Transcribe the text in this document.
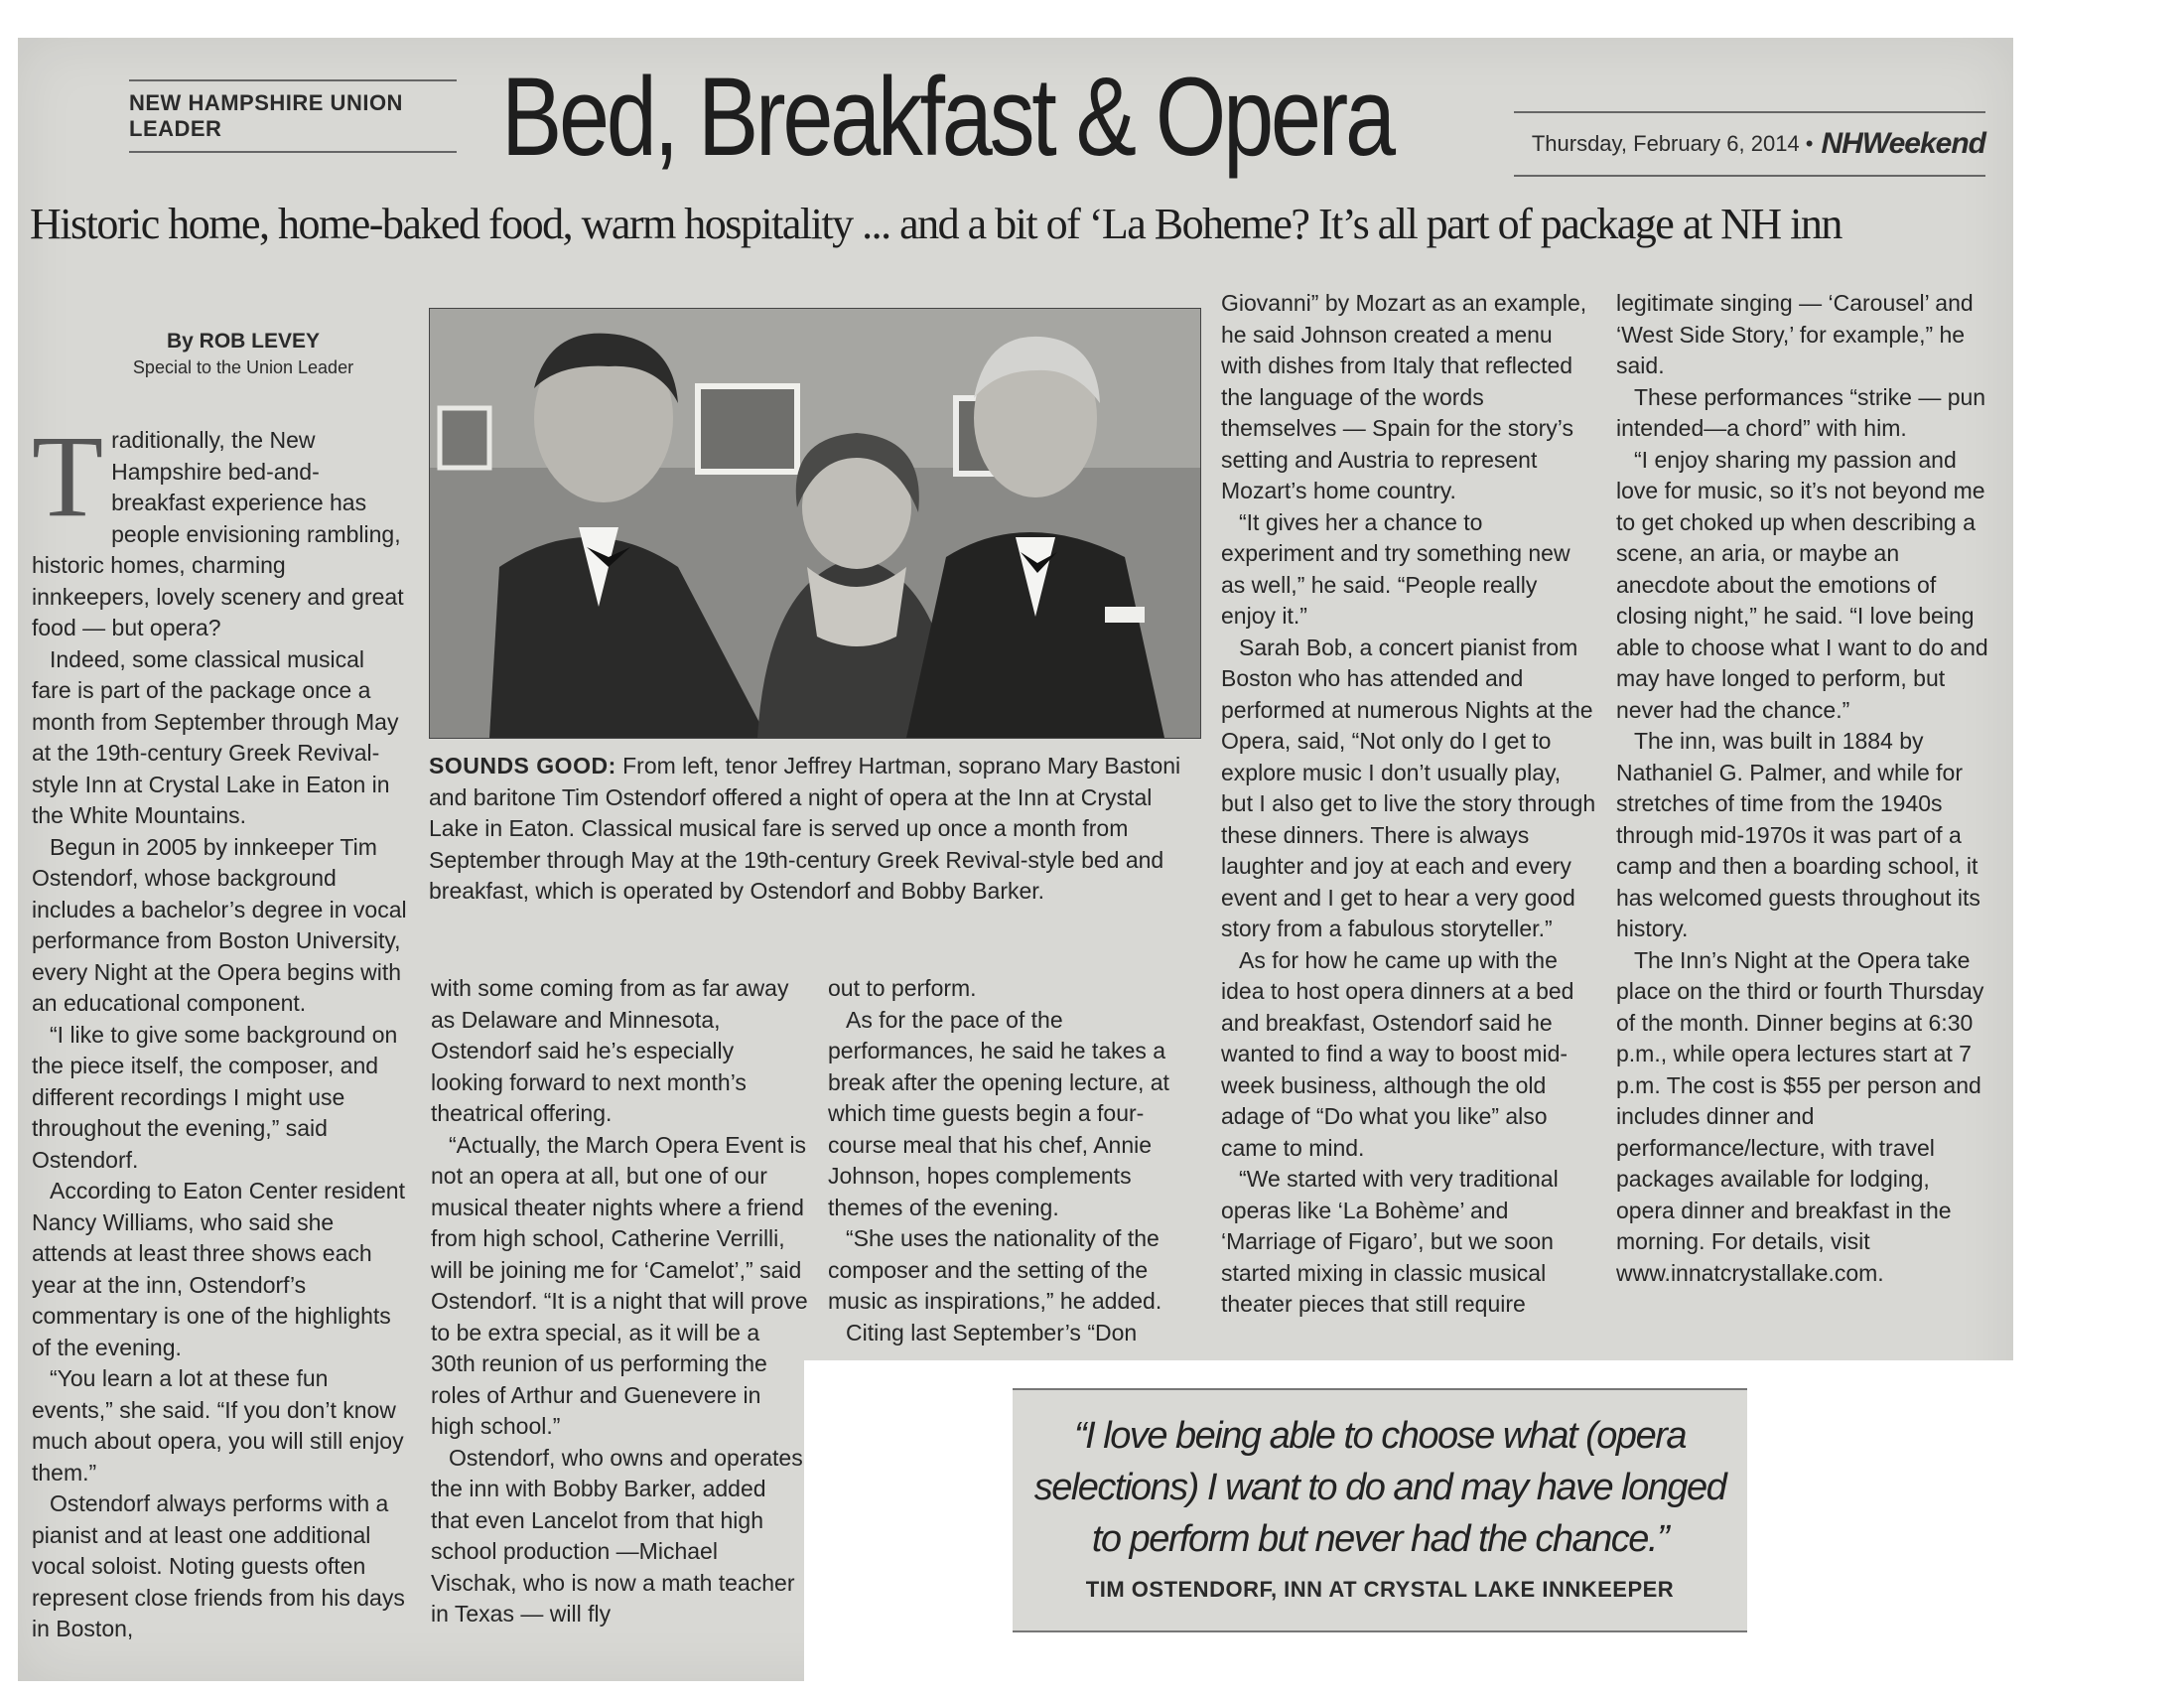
NEW HAMPSHIRE UNION LEADER	Bed, Breakfast & Opera	Thursday, February 6, 2014 • NHWeekend
Historic home, home-baked food, warm hospitality ... and a bit of ‘La Boheme? It’s all part of package at NH inn
By ROB LEVEY
Special to the Union Leader

Traditionally, the New Hampshire bed-and-breakfast experience has people envisioning rambling, historic homes, charming innkeepers, lovely scenery and great food — but opera?

Indeed, some classical musical fare is part of the package once a month from September through May at the 19th-century Greek Revival-style Inn at Crystal Lake in Eaton in the White Mountains.

Begun in 2005 by innkeeper Tim Ostendorf, whose background includes a bachelor’s degree in vocal performance from Boston University, every Night at the Opera begins with an educational component.

“I like to give some background on the piece itself, the composer, and different recordings I might use throughout the evening,” said Ostendorf.

According to Eaton Center resident Nancy Williams, who said she attends at least three shows each year at the inn, Ostendorf’s commentary is one of the highlights of the evening.

“You learn a lot at these fun events,” she said. “If you don’t know much about opera, you will still enjoy them.”

Ostendorf always performs with a pianist and at least one additional vocal soloist. Noting guests often represent close friends from his days in Boston,

SOUNDS GOOD: From left, tenor Jeffrey Hartman, soprano Mary Bastoni and baritone Tim Ostendorf offered a night of opera at the Inn at Crystal Lake in Eaton. Classical musical fare is served up once a month from September through May at the 19th-century Greek Revival-style bed and breakfast, which is operated by Ostendorf and Bobby Barker.

with some coming from as far away as Delaware and Minnesota, Ostendorf said he’s especially looking forward to next month’s theatrical offering.

“Actually, the March Opera Event is not an opera at all, but one of our musical theater nights where a friend from high school, Catherine Verrilli, will be joining me for ‘Camelot’,” said Ostendorf. “It is a night that will prove to be extra special, as it will be a 30th reunion of us performing the roles of Arthur and Guenevere in high school.”

Ostendorf, who owns and operates the inn with Bobby Barker, added that even Lancelot from that high school production —Michael Vischak, who is now a math teacher in Texas — will fly

out to perform.

As for the pace of the performances, he said he takes a break after the opening lecture, at which time guests begin a four-course meal that his chef, Annie Johnson, hopes complements themes of the evening.

“She uses the nationality of the composer and the setting of the music as inspirations,” he added.

Citing last September’s “Don

Giovanni” by Mozart as an example, he said Johnson created a menu with dishes from Italy that reflected the language of the words themselves — Spain for the story’s setting and Austria to represent Mozart’s home country.

“It gives her a chance to experiment and try something new as well,” he said. “People really enjoy it.”

Sarah Bob, a concert pianist from Boston who has attended and performed at numerous Nights at the Opera, said, “Not only do I get to explore music I don’t usually play, but I also get to live the story through these dinners. There is always laughter and joy at each and every event and I get to hear a very good story from a fabulous storyteller.”

As for how he came up with the idea to host opera dinners at a bed and breakfast, Ostendorf said he wanted to find a way to boost mid-week business, although the old adage of “Do what you like” also came to mind.

“We started with very traditional operas like ‘La Bohème’ and ‘Marriage of Figaro’, but we soon started mixing in classic musical theater pieces that still require

legitimate singing — ‘Carousel’ and ‘West Side Story,’ for example,” he said.

These performances “strike — pun intended—a chord” with him.

“I enjoy sharing my passion and love for music, so it’s not beyond me to get choked up when describing a scene, an aria, or maybe an anecdote about the emotions of closing night,” he said. “I love being able to choose what I want to do and may have longed to perform, but never had the chance.”

The inn, was built in 1884 by Nathaniel G. Palmer, and while for stretches of time from the 1940s through mid-1970s it was part of a camp and then a boarding school, it has welcomed guests throughout its history.

The Inn’s Night at the Opera take place on the third or fourth Thursday of the month. Dinner begins at 6:30 p.m., while opera lectures start at 7 p.m. The cost is $55 per person and includes dinner and performance/lecture, with travel packages available for lodging, opera dinner and breakfast in the morning. For details, visit www.innatcrystallake.com.

“I love being able to choose what (opera selections) I want to do and may have longed to perform but never had the chance.”
TIM OSTENDORF, INN AT CRYSTAL LAKE INNKEEPER
